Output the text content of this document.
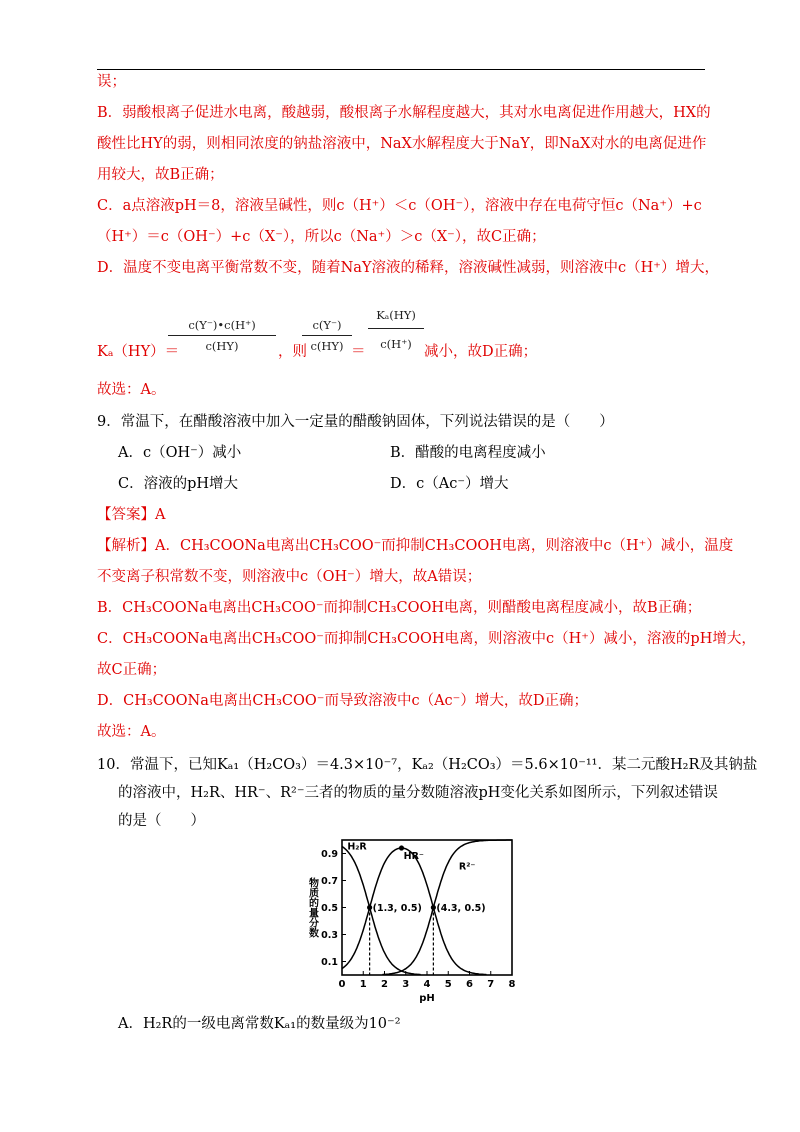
误；
B．弱酸根离子促进水电离，酸越弱，酸根离子水解程度越大，其对水电离促进作用越大，HX的
酸性比HY的弱，则相同浓度的钠盐溶液中，NaX水解程度大于NaY，即NaX对水的电离促进作
用较大，故B正确；
C．a点溶液pH＝8，溶液呈碱性，则c（H⁺）＜c（OH⁻），溶液中存在电荷守恒c（Na⁺）+c
（H⁺）＝c（OH⁻）+c（X⁻），所以c（Na⁺）＞c（X⁻），故C正确；
D．温度不变电离平衡常数不变，随着NaY溶液的稀释，溶液碱性减弱，则溶液中c（H⁺）增大，
Kₐ（HY）＝
c(Y⁻)•c(H⁺)
c(HY)	，则
c(Y⁻)
c(HY) ＝
Kₐ(HY)
c(H⁺) 减小，故D正确；
故选：A。
9．常温下，在醋酸溶液中加入一定量的醋酸钠固体，下列说法错误的是（　　）
A．c（OH⁻）减小	B．醋酸的电离程度减小
C．溶液的pH增大	D．c（Ac⁻）增大
【答案】A
【解析】A．CH₃COONa电离出CH₃COO⁻而抑制CH₃COOH电离，则溶液中c（H⁺）减小，温度
不变离子积常数不变，则溶液中c（OH⁻）增大，故A错误；
B．CH₃COONa电离出CH₃COO⁻而抑制CH₃COOH电离，则醋酸电离程度减小，故B正确；
C．CH₃COONa电离出CH₃COO⁻而抑制CH₃COOH电离，则溶液中c（H⁺）减小，溶液的pH增大，
故C正确；
D．CH₃COONa电离出CH₃COO⁻而导致溶液中c（Ac⁻）增大，故D正确；
故选：A。
10．常温下，已知Kₐ₁（H₂CO₃）＝4.3×10⁻⁷，Kₐ₂（H₂CO₃）＝5.6×10⁻¹¹．某二元酸H₂R及其钠盐
的溶液中，H₂R、HR⁻、R²⁻三者的物质的量分数随溶液pH变化关系如图所示，下列叙述错误
的是（　　）
0 1 2 3 4 5 6 7 8
0.1
0.3
0.5
0.7
0.9
pH
物质的量分数
H₂R
HR⁻
R²⁻
(1.3, 0.5) (4.3, 0.5)
A．H₂R的一级电离常数Kₐ₁的数量级为10⁻²
